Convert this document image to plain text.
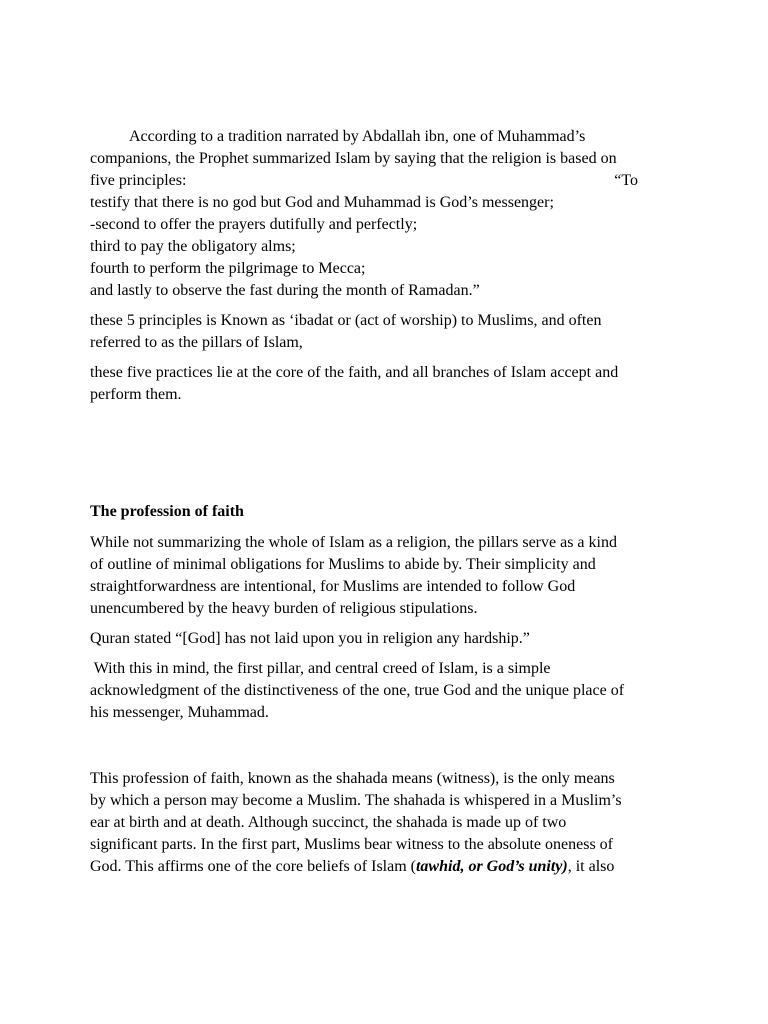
According to a tradition narrated by Abdallah ibn, one of Muhammad’s
companions, the Prophet summarized Islam by saying that the religion is based on
five principles:	“To
testify that there is no god but God and Muhammad is God’s messenger;
-second to offer the prayers dutifully and perfectly;
third to pay the obligatory alms;
fourth to perform the pilgrimage to Mecca;
and lastly to observe the fast during the month of Ramadan.”
these 5 principles is Known as ‘ibadat or (act of worship) to Muslims, and often
referred to as the pillars of Islam,
these five practices lie at the core of the faith, and all branches of Islam accept and
perform them.
The profession of faith
While not summarizing the whole of Islam as a religion, the pillars serve as a kind
of outline of minimal obligations for Muslims to abide by. Their simplicity and
straightforwardness are intentional, for Muslims are intended to follow God
unencumbered by the heavy burden of religious stipulations.
Quran stated “[God] has not laid upon you in religion any hardship.”
With this in mind, the first pillar, and central creed of Islam, is a simple
acknowledgment of the distinctiveness of the one, true God and the unique place of
his messenger, Muhammad.
This profession of faith, known as the shahada means (witness), is the only means
by which a person may become a Muslim. The shahada is whispered in a Muslim’s
ear at birth and at death. Although succinct, the shahada is made up of two
significant parts. In the first part, Muslims bear witness to the absolute oneness of
God. This affirms one of the core beliefs of Islam (tawhid, or God’s unity), it also
